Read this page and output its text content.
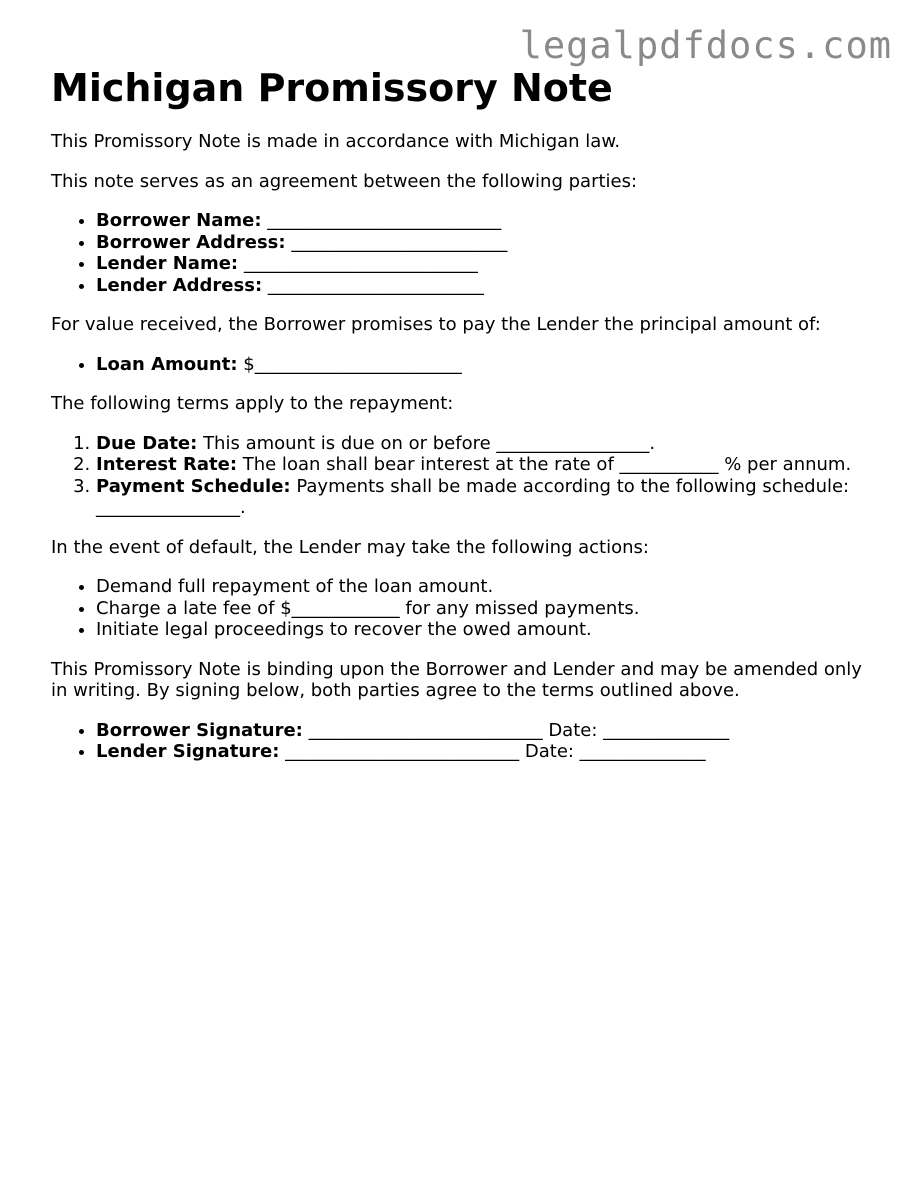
legalpdfdocs.com
Michigan Promissory Note

This Promissory Note is made in accordance with Michigan law.

This note serves as an agreement between the following parties:

• Borrower Name: __________________________
• Borrower Address: ________________________
• Lender Name: __________________________
• Lender Address: ________________________

For value received, the Borrower promises to pay the Lender the principal amount of:

• Loan Amount: $_______________________

The following terms apply to the repayment:

1. Due Date: This amount is due on or before _________________.
2. Interest Rate: The loan shall bear interest at the rate of ___________ % per annum.
3. Payment Schedule: Payments shall be made according to the following schedule: ________________.

In the event of default, the Lender may take the following actions:

• Demand full repayment of the loan amount.
• Charge a late fee of $____________ for any missed payments.
• Initiate legal proceedings to recover the owed amount.

This Promissory Note is binding upon the Borrower and Lender and may be amended only in writing. By signing below, both parties agree to the terms outlined above.

• Borrower Signature: __________________________ Date: ______________
• Lender Signature: __________________________ Date: ______________
